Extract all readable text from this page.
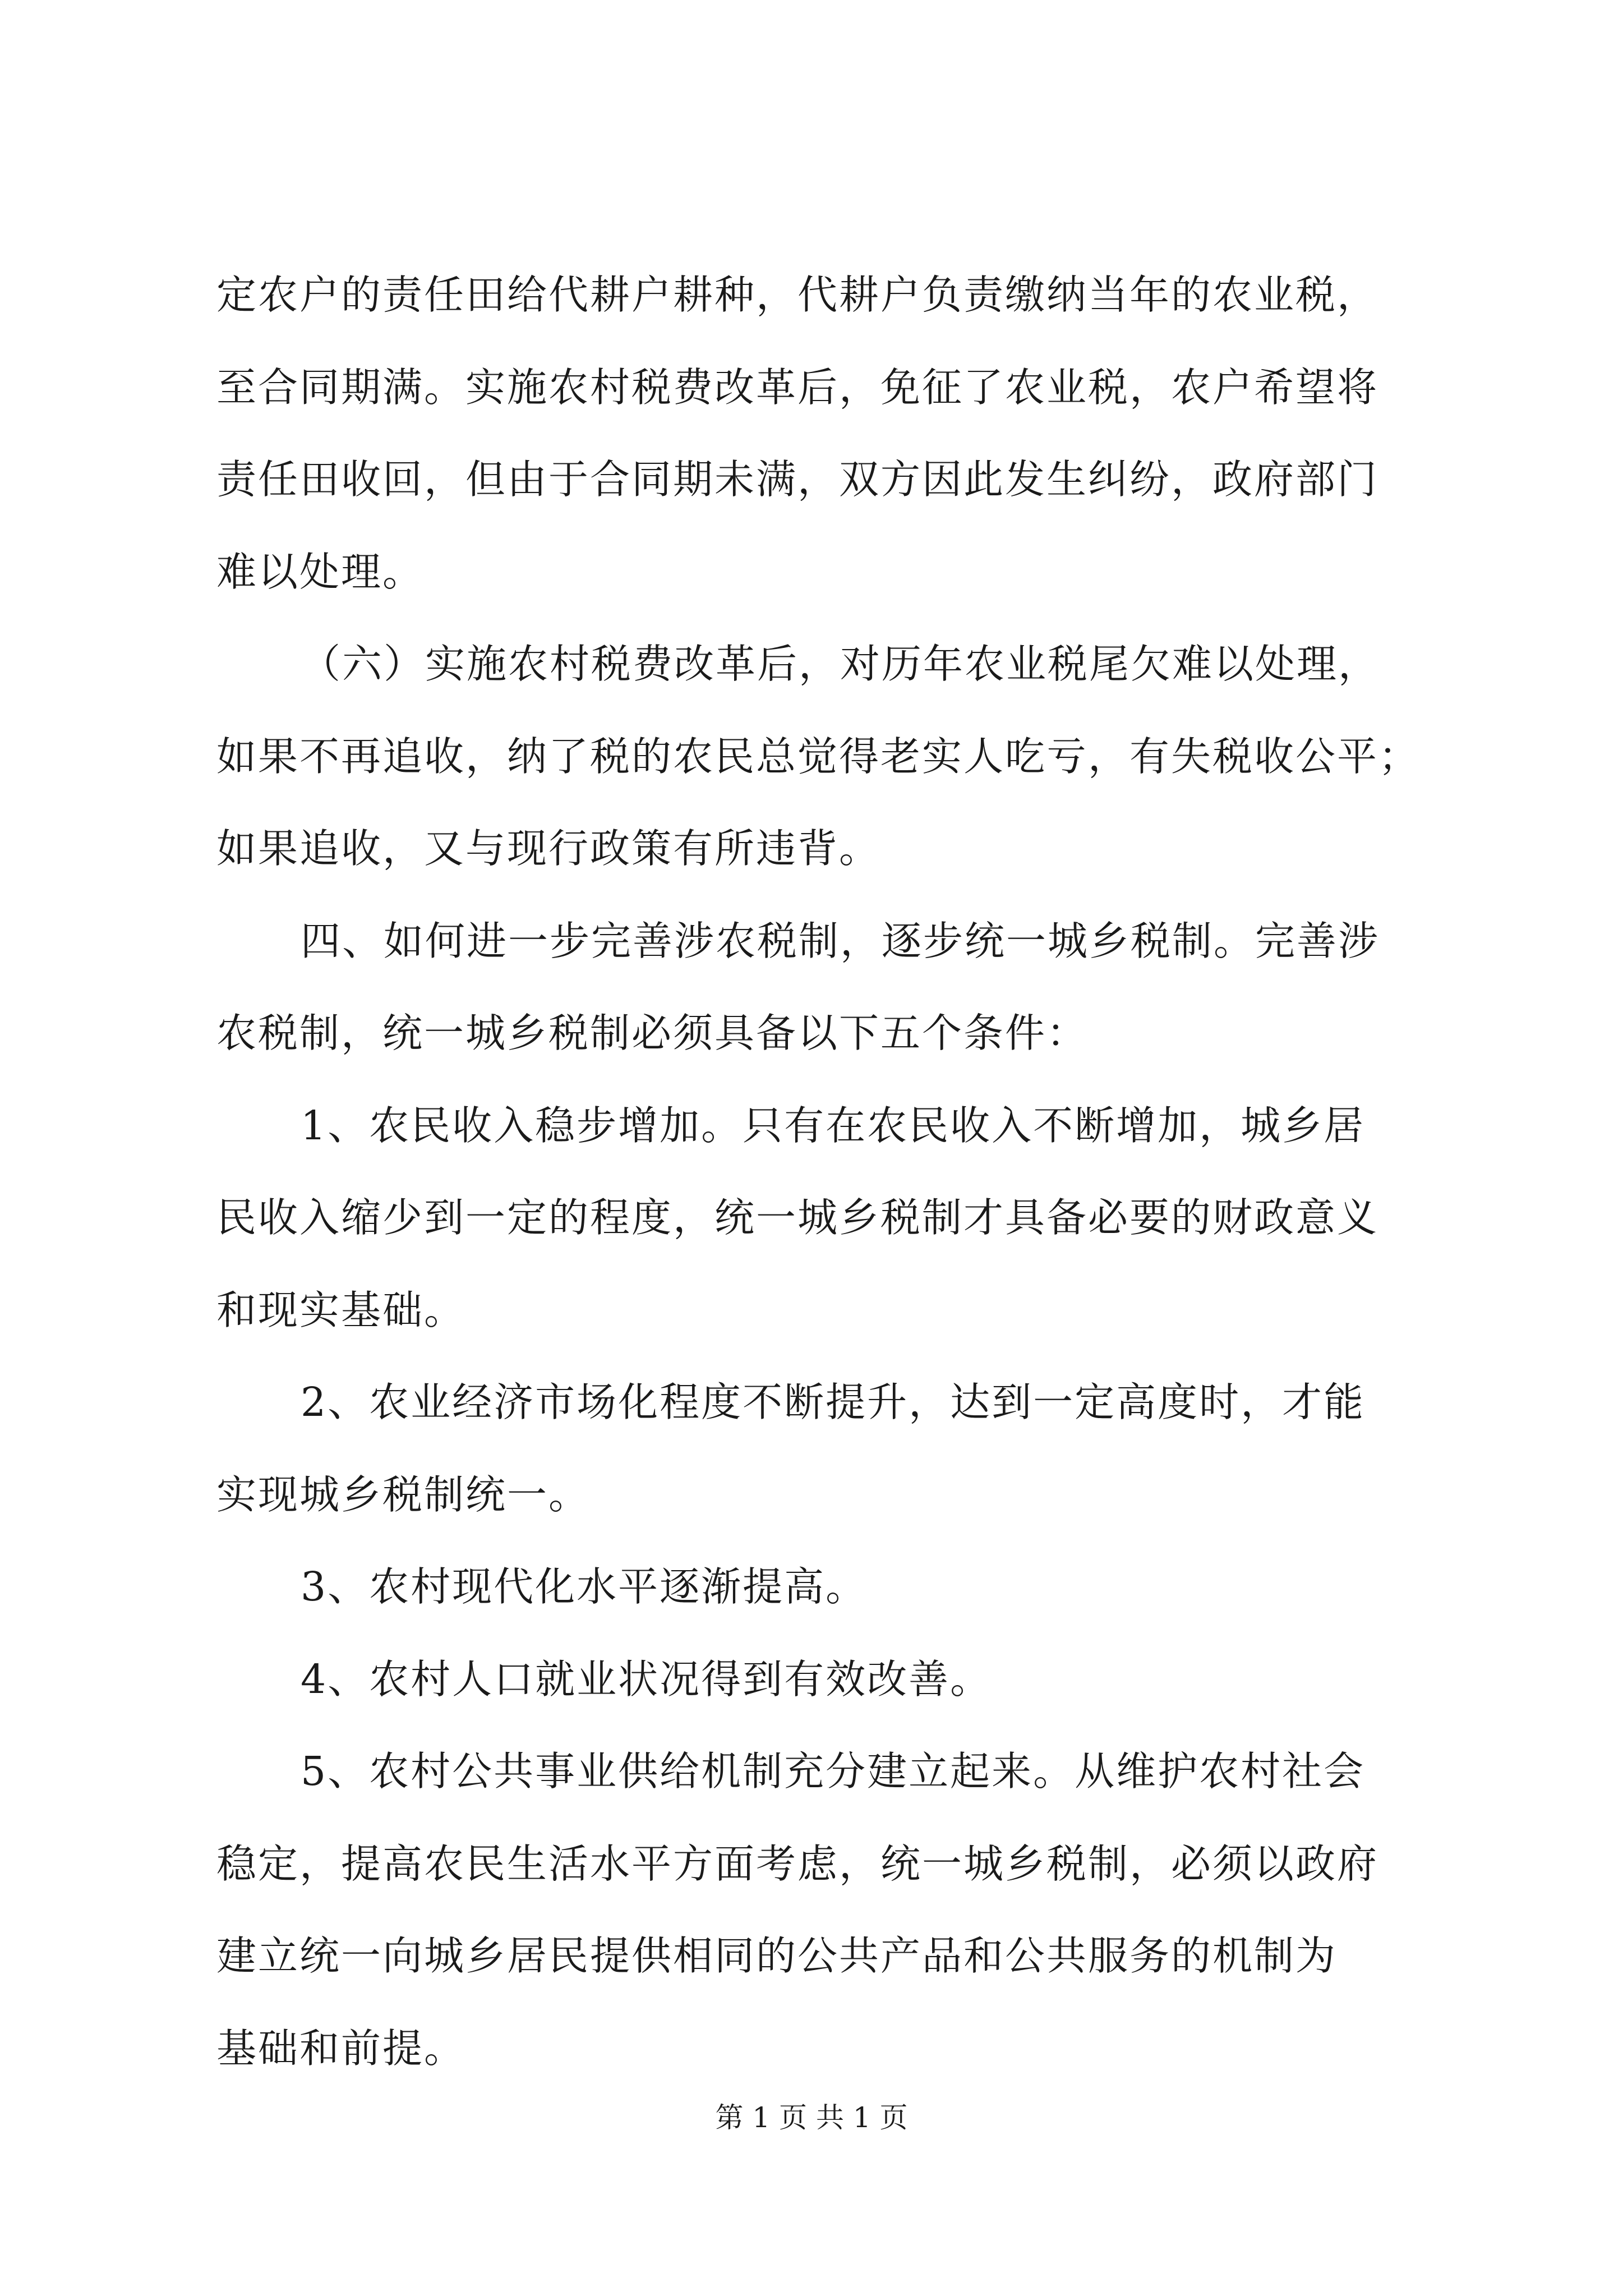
定农户的责任田给代耕户耕种，代耕户负责缴纳当年的农业税，
至合同期满。实施农村税费改革后，免征了农业税，农户希望将
责任田收回，但由于合同期未满，双方因此发生纠纷，政府部门
难以处理。
（六）实施农村税费改革后，对历年农业税尾欠难以处理，
如果不再追收，纳了税的农民总觉得老实人吃亏，有失税收公平；
如果追收，又与现行政策有所违背。
四、如何进一步完善涉农税制，逐步统一城乡税制。完善涉
农税制，统一城乡税制必须具备以下五个条件：
1、农民收入稳步增加。只有在农民收入不断增加，城乡居
民收入缩少到一定的程度，统一城乡税制才具备必要的财政意义
和现实基础。
2、农业经济市场化程度不断提升，达到一定高度时，才能
实现城乡税制统一。
3、农村现代化水平逐渐提高。
4、农村人口就业状况得到有效改善。
5、农村公共事业供给机制充分建立起来。从维护农村社会
稳定，提高农民生活水平方面考虑，统一城乡税制，必须以政府
建立统一向城乡居民提供相同的公共产品和公共服务的机制为
基础和前提。
第 1 页 共 1 页
